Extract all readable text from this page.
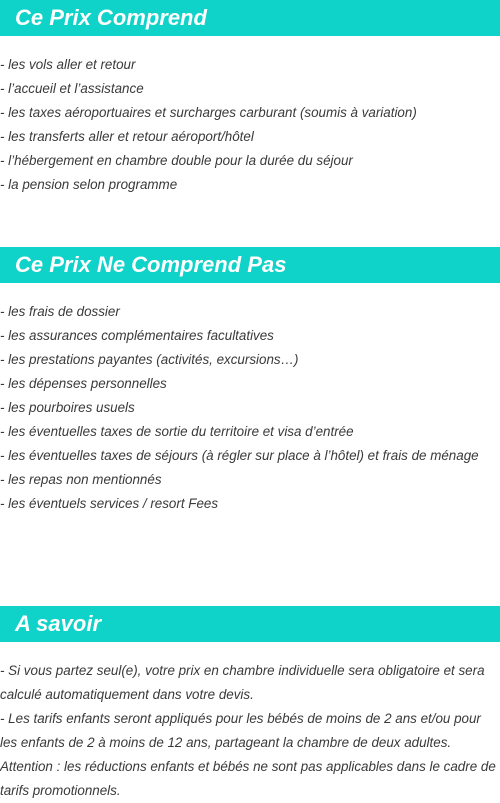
Ce Prix Comprend
- les vols aller et retour
- l’accueil et l’assistance
- les taxes aéroportuaires et surcharges carburant (soumis à variation)
- les transferts aller et retour aéroport/hôtel
- l’hébergement en chambre double pour la durée du séjour
- la pension selon programme
Ce Prix Ne Comprend Pas
- les frais de dossier
- les assurances complémentaires facultatives
- les prestations payantes (activités, excursions…)
- les dépenses personnelles
- les pourboires usuels
- les éventuelles taxes de sortie du territoire et visa d’entrée
- les éventuelles taxes de séjours (à régler sur place à l’hôtel) et frais de ménage
- les repas non mentionnés
- les éventuels services / resort Fees
A savoir

- Si vous partez seul(e), votre prix en chambre individuelle sera obligatoire et sera calculé automatiquement dans votre devis.

- Les tarifs enfants seront appliqués pour les bébés de moins de 2 ans et/ou pour les enfants de 2 à moins de 12 ans, partageant la chambre de deux adultes.

Attention : les réductions enfants et bébés ne sont pas applicables dans le cadre de tarifs promotionnels.
